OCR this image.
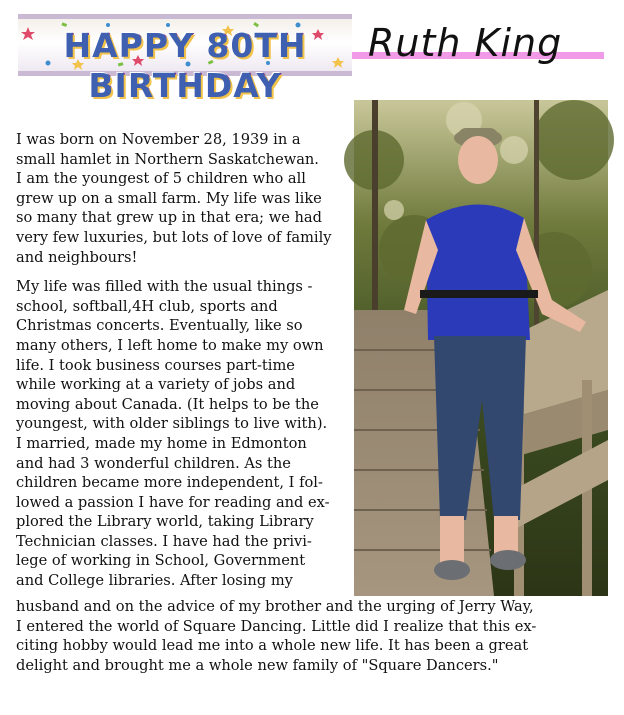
HAPPY 80TH BIRTHDAY
Ruth King

I was born on November 28, 1939 in a
small hamlet in Northern Saskatchewan.
I am the youngest of 5 children who all
grew up on a small farm. My life was like
so many that grew up in that era; we had
very few luxuries, but lots of love of family
and neighbours!

My life was filled with the usual things -
school, softball,4H club, sports and
Christmas concerts. Eventually, like so
many others, I left home to make my own
life. I took business courses part-time
while working at a variety of jobs and
moving about Canada. (It helps to be the
youngest, with older siblings to live with).
I married, made my home in Edmonton
and had 3 wonderful children. As the
children became more independent, I fol-
lowed a passion I have for reading and ex-
plored the Library world, taking Library
Technician classes. I have had the privi-
lege of working in School, Government
and College libraries. After losing my

husband and on the advice of my brother and the urging of Jerry Way,
I entered the world of Square Dancing. Little did I realize that this ex-
citing hobby would lead me into a whole new life. It has been a great
delight and brought me a whole new family of "Square Dancers."
